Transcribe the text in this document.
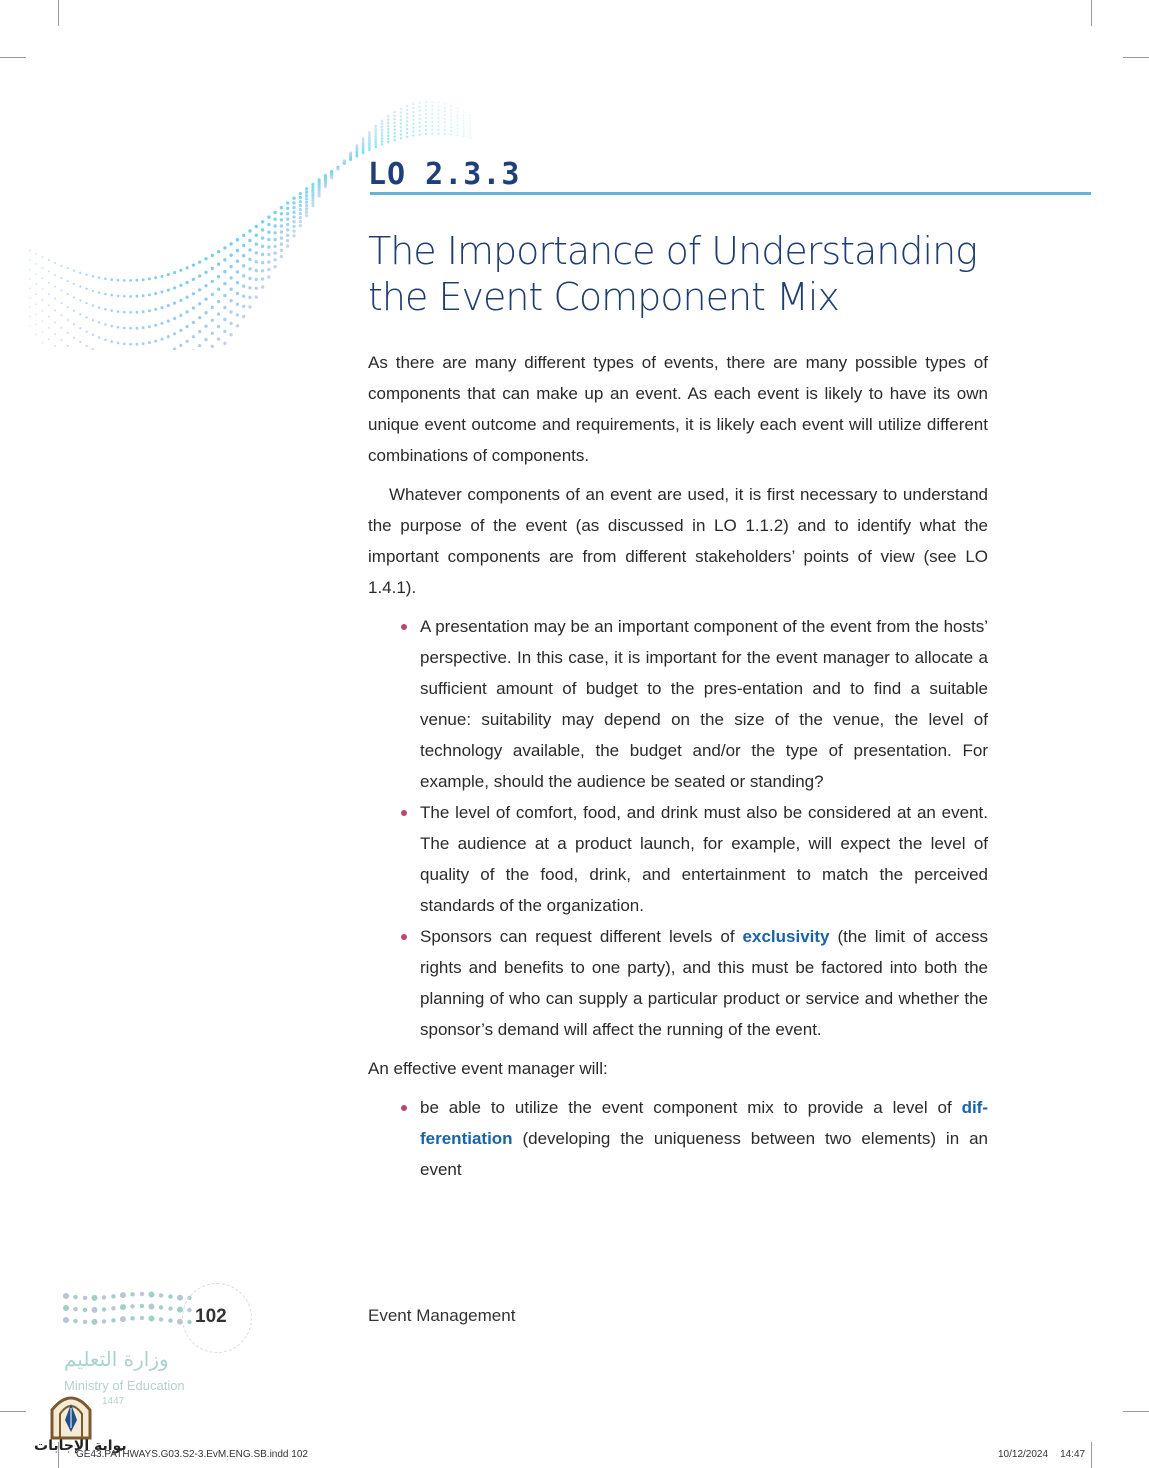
LO 2.3.3
The Importance of Understanding
the Event Component Mix

As there are many different types of events, there are many possible types of components that can make up an event. As each event is likely to have its own unique event outcome and requirements, it is likely each event will utilize different combinations of components.

Whatever components of an event are used, it is first necessary to understand the purpose of the event (as discussed in LO 1.1.2) and to identify what the important components are from different stakeholders’ points of view (see LO 1.4.1).

A presentation may be an important component of the event from the hosts’ perspective. In this case, it is important for the event manager to allocate a sufficient amount of budget to the pres-entation and to find a suitable venue: suitability may depend on the size of the venue, the level of technology available, the budget and/or the type of presentation. For example, should the audience be seated or standing?
The level of comfort, food, and drink must also be considered at an event. The audience at a product launch, for example, will expect the level of quality of the food, drink, and entertainment to match the perceived standards of the organization.
Sponsors can request different levels of exclusivity (the limit of access rights and benefits to one party), and this must be factored into both the planning of who can supply a particular product or service and whether the sponsor’s demand will affect the running of the event.

An effective event manager will:

be able to utilize the event component mix to provide a level of dif-ferentiation (developing the uniqueness between two elements) in an event
102	Event Management
وزارة التعليم
Ministry of Education
1447
بوابة الإجابات
GE43.PATHWAYS.G03.S2-3.EvM.ENG.SB.indd 102	10/12/2024 14:47
